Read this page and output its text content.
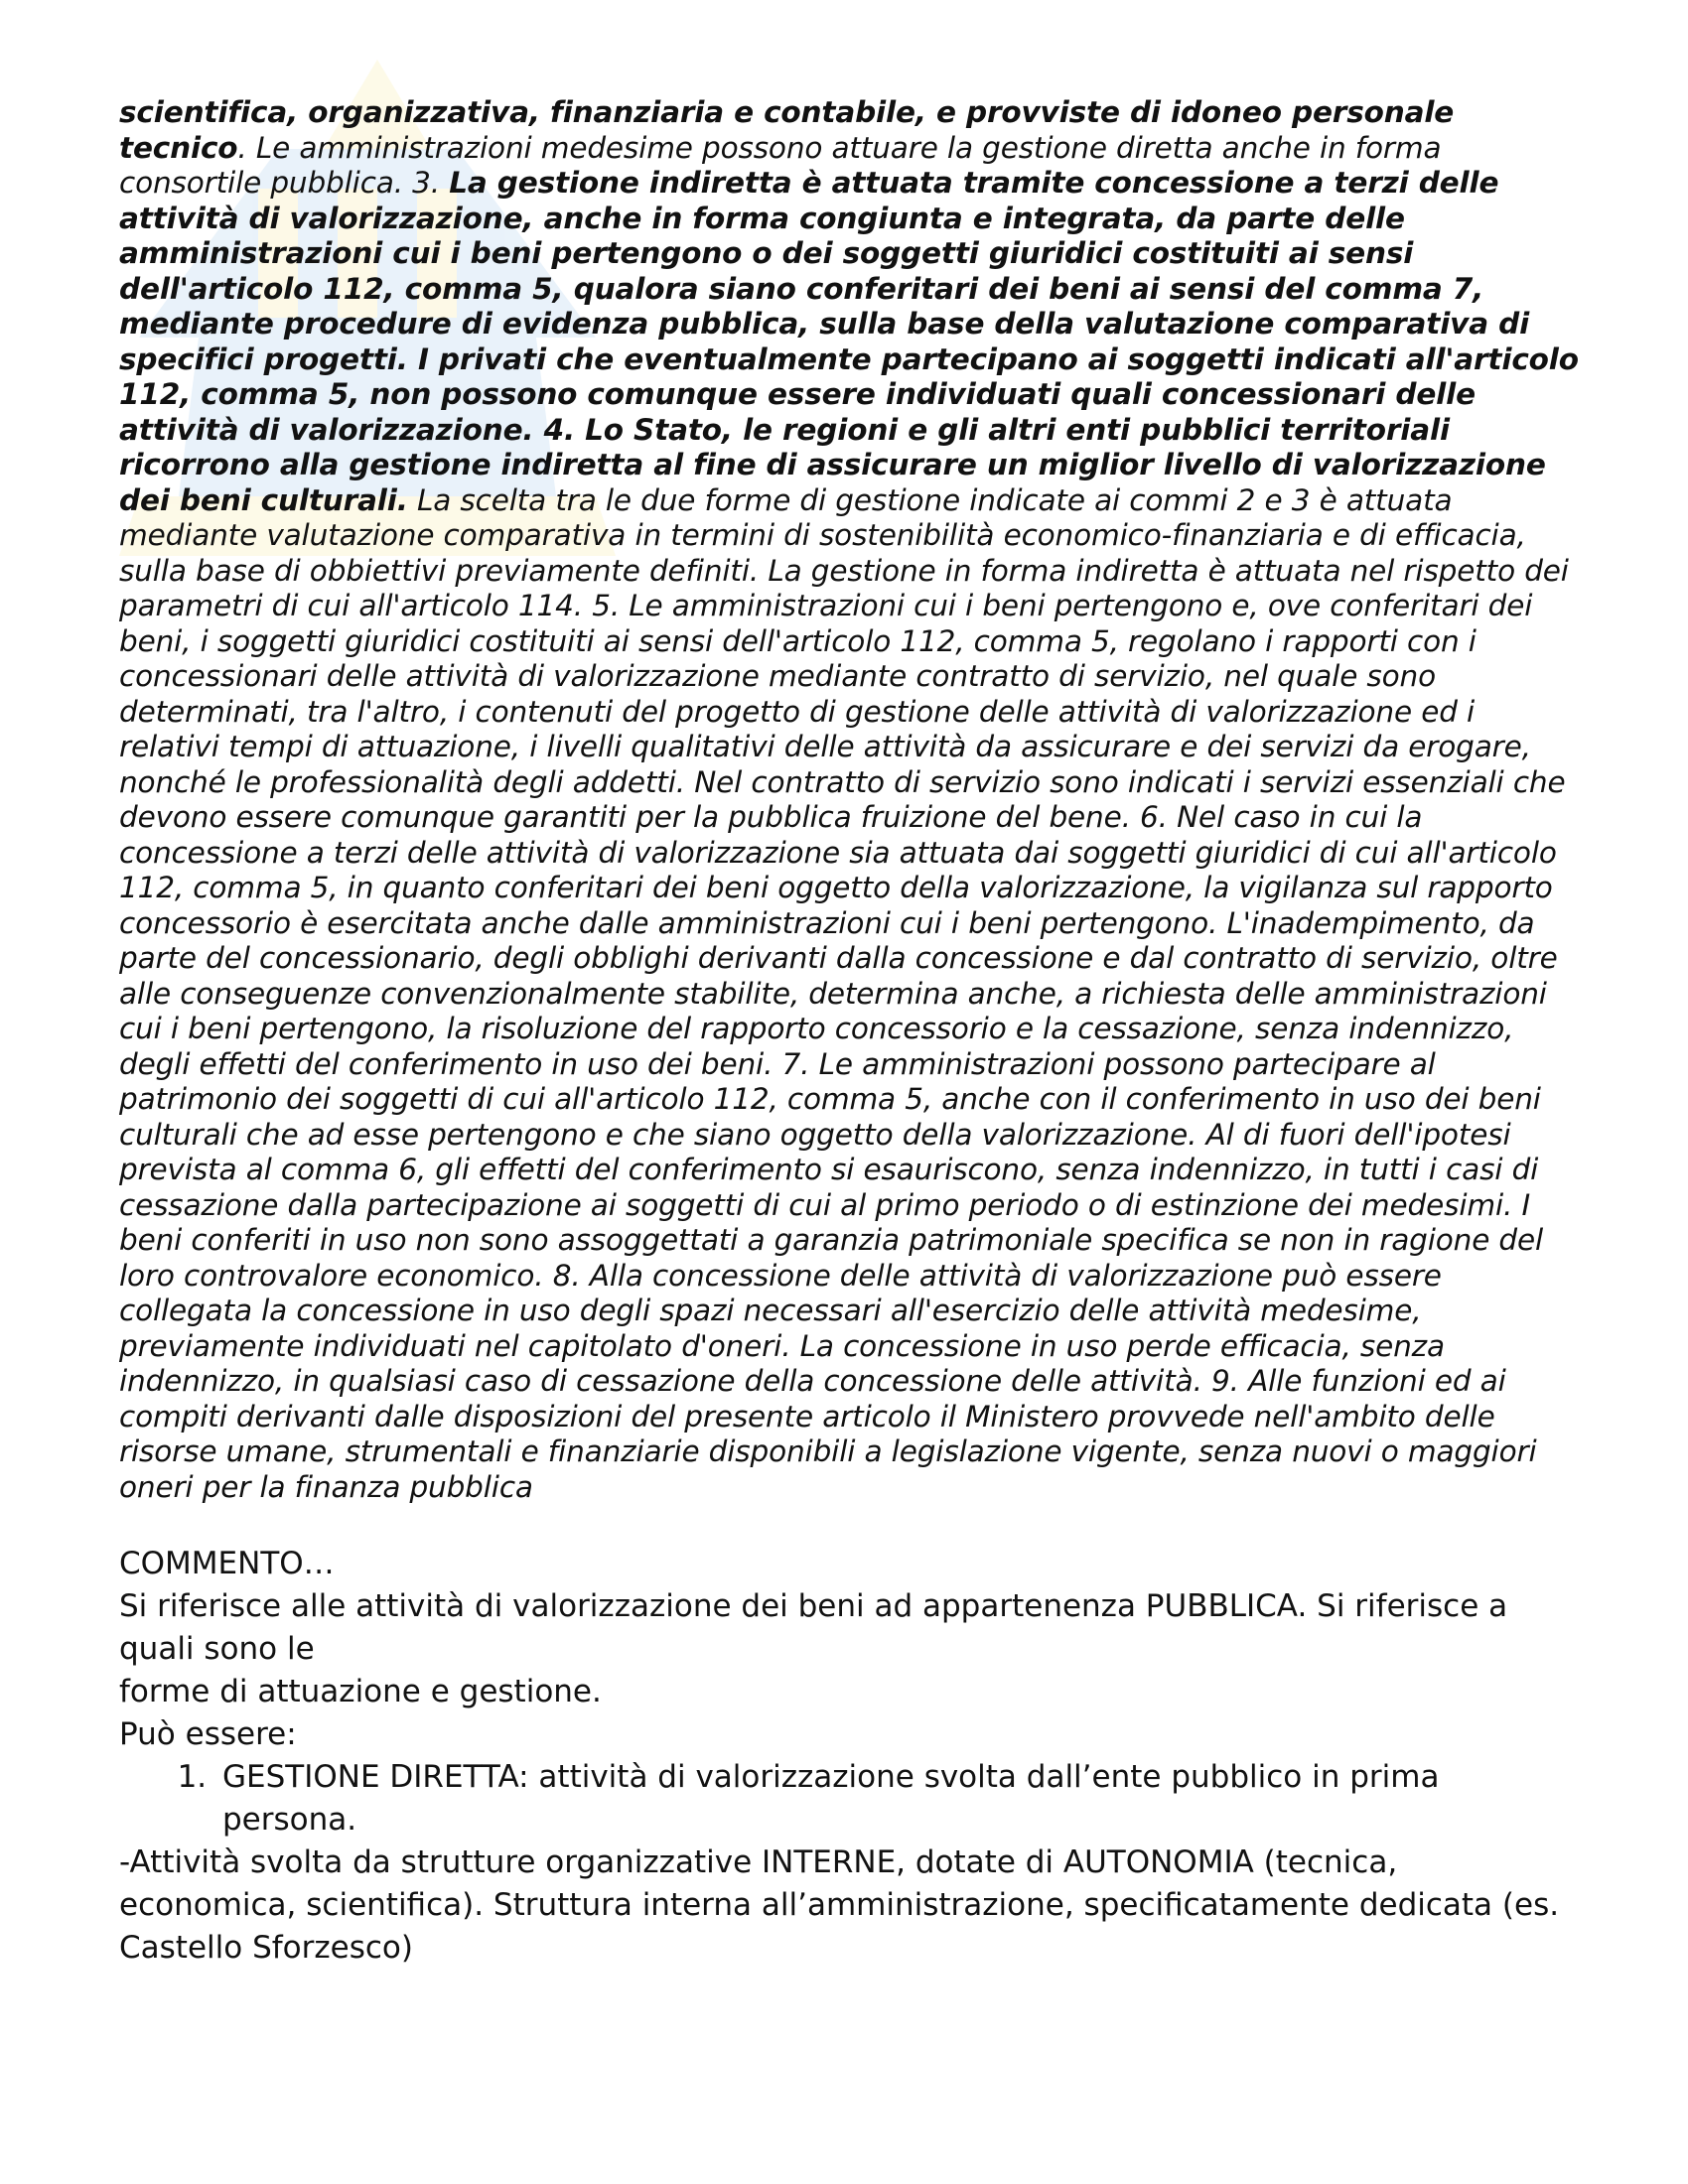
scientifica, organizzativa, finanziaria e contabile, e provviste di idoneo personale tecnico. Le amministrazioni medesime possono attuare la gestione diretta anche in forma consortile pubblica. 3. La gestione indiretta è attuata tramite concessione a terzi delle attività di valorizzazione, anche in forma congiunta e integrata, da parte delle amministrazioni cui i beni pertengono o dei soggetti giuridici costituiti ai sensi dell'articolo 112, comma 5, qualora siano conferitari dei beni ai sensi del comma 7, mediante procedure di evidenza pubblica, sulla base della valutazione comparativa di specifici progetti. I privati che eventualmente partecipano ai soggetti indicati all'articolo 112, comma 5, non possono comunque essere individuati quali concessionari delle attività di valorizzazione. 4. Lo Stato, le regioni e gli altri enti pubblici territoriali ricorrono alla gestione indiretta al fine di assicurare un miglior livello di valorizzazione dei beni culturali. La scelta tra le due forme di gestione indicate ai commi 2 e 3 è attuata mediante valutazione comparativa in termini di sostenibilità economico-finanziaria e di efficacia, sulla base di obbiettivi previamente definiti. La gestione in forma indiretta è attuata nel rispetto dei parametri di cui all'articolo 114. 5. Le amministrazioni cui i beni pertengono e, ove conferitari dei beni, i soggetti giuridici costituiti ai sensi dell'articolo 112, comma 5, regolano i rapporti con i concessionari delle attività di valorizzazione mediante contratto di servizio, nel quale sono determinati, tra l'altro, i contenuti del progetto di gestione delle attività di valorizzazione ed i relativi tempi di attuazione, i livelli qualitativi delle attività da assicurare e dei servizi da erogare, nonché le professionalità degli addetti. Nel contratto di servizio sono indicati i servizi essenziali che devono essere comunque garantiti per la pubblica fruizione del bene. 6. Nel caso in cui la concessione a terzi delle attività di valorizzazione sia attuata dai soggetti giuridici di cui all'articolo 112, comma 5, in quanto conferitari dei beni oggetto della valorizzazione, la vigilanza sul rapporto concessorio è esercitata anche dalle amministrazioni cui i beni pertengono. L'inadempimento, da parte del concessionario, degli obblighi derivanti dalla concessione e dal contratto di servizio, oltre alle conseguenze convenzionalmente stabilite, determina anche, a richiesta delle amministrazioni cui i beni pertengono, la risoluzione del rapporto concessorio e la cessazione, senza indennizzo, degli effetti del conferimento in uso dei beni. 7. Le amministrazioni possono partecipare al patrimonio dei soggetti di cui all'articolo 112, comma 5, anche con il conferimento in uso dei beni culturali che ad esse pertengono e che siano oggetto della valorizzazione. Al di fuori dell'ipotesi prevista al comma 6, gli effetti del conferimento si esauriscono, senza indennizzo, in tutti i casi di cessazione dalla partecipazione ai soggetti di cui al primo periodo o di estinzione dei medesimi. I beni conferiti in uso non sono assoggettati a garanzia patrimoniale specifica se non in ragione del loro controvalore economico. 8. Alla concessione delle attività di valorizzazione può essere collegata la concessione in uso degli spazi necessari all'esercizio delle attività medesime, previamente individuati nel capitolato d'oneri. La concessione in uso perde efficacia, senza indennizzo, in qualsiasi caso di cessazione della concessione delle attività. 9. Alle funzioni ed ai compiti derivanti dalle disposizioni del presente articolo il Ministero provvede nell'ambito delle risorse umane, strumentali e finanziarie disponibili a legislazione vigente, senza nuovi o maggiori oneri per la finanza pubblica

COMMENTO…

Si riferisce alle attività di valorizzazione dei beni ad appartenenza PUBBLICA. Si riferisce a quali sono le

forme di attuazione e gestione.

Può essere:

1. GESTIONE DIRETTA: attività di valorizzazione svolta dall’ente pubblico in prima persona.

-Attività svolta da strutture organizzative INTERNE, dotate di AUTONOMIA (tecnica, economica, scientifica). Struttura interna all’amministrazione, specificatamente dedicata (es. Castello Sforzesco)
